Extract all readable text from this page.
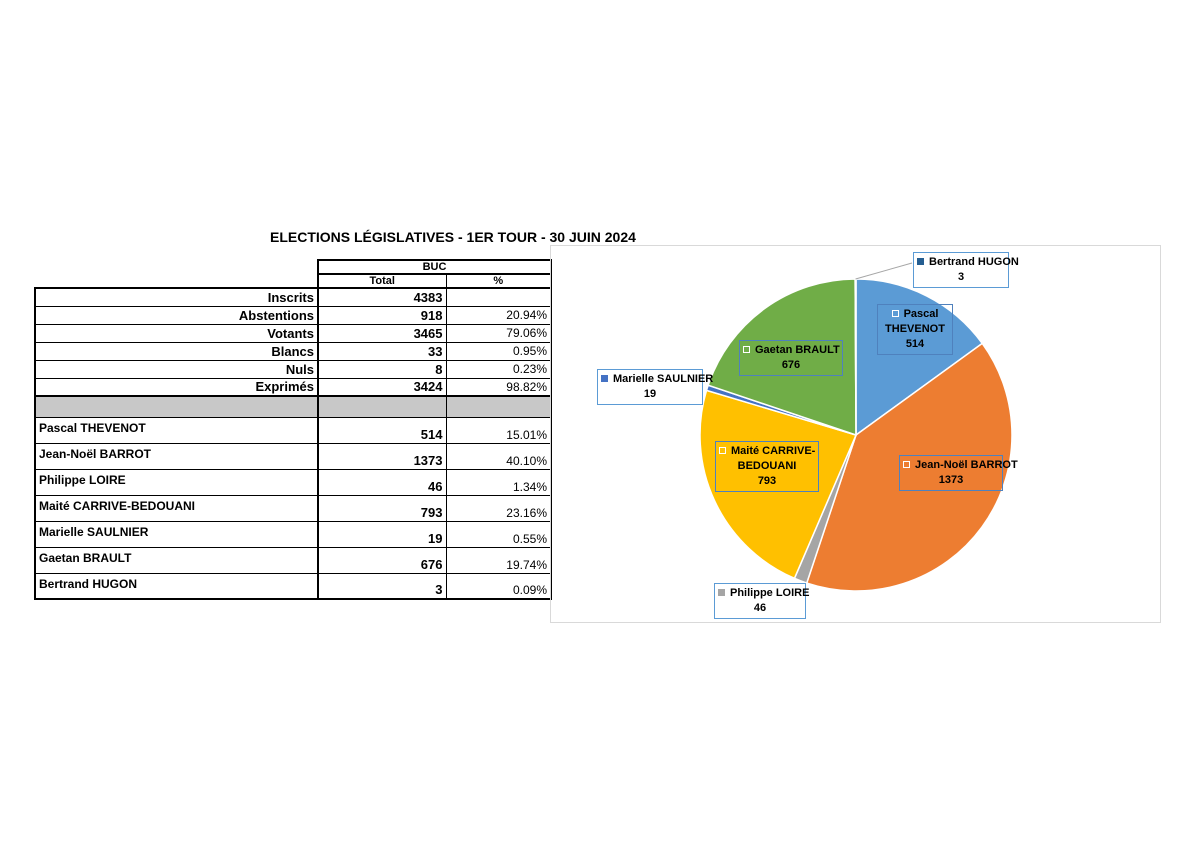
ELECTIONS LÉGISLATIVES - 1ER TOUR - 30 JUIN 2024
	BUC	
	Total	%
Inscrits	4383	
Abstentions	918	20.94%
Votants	3465	79.06%
Blancs	33	0.95%
Nuls	8	0.23%
Exprimés	3424	98.82%

Pascal THEVENOT	514	15.01%
Jean-Noël BARROT	1373	40.10%
Philippe LOIRE	46	1.34%
Maité CARRIVE-BEDOUANI	793	23.16%
Marielle SAULNIER	19	0.55%
Gaetan BRAULT	676	19.74%
Bertrand HUGON	3	0.09%
Pascal
THEVENOT
514
Jean-Noël BARROT
1373
Philippe LOIRE
46
Maité CARRIVE-
BEDOUANI
793
Marielle SAULNIER
19
Gaetan BRAULT
676
Bertrand HUGON
3
